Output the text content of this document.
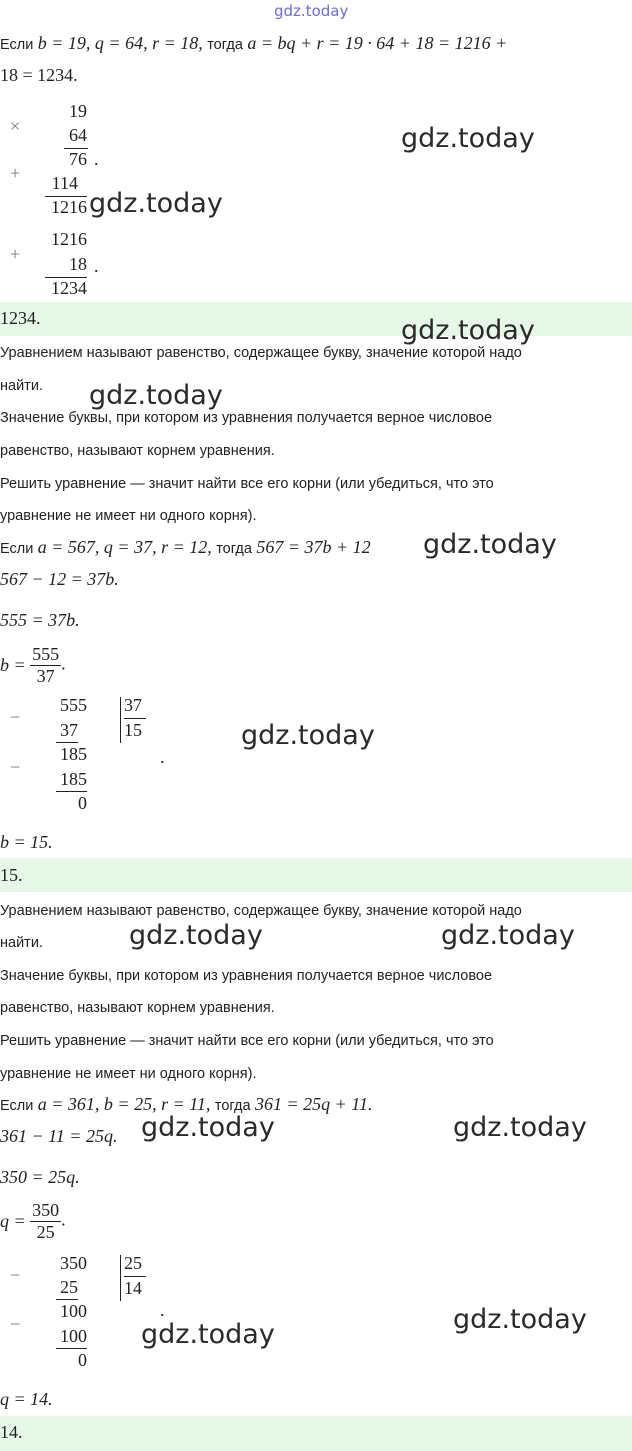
gdz.today
Если b = 19, q = 64, r = 18, тогда a = bq + r = 19 · 64 + 18 = 1216 +
18 = 1234.
×
19
64
76 .
+	114
1216
+
1216
18
1234
.
1234.
Уравнением называют равенство, содержащее букву, значение которой надо
найти.
Значение буквы, при котором из уравнения получается верное числовое
равенство, называют корнем уравнения.
Решить уравнение — значит найти все его корни (или убедиться, что это
уравнение не имеет ни одного корня).
Если a = 567, q = 37, r = 12, тогда 567 = 37b + 12
567 − 12 = 37b.
555 = 37b.
$b = \frac{555}{37}$ .
−
555
37
185
−
185
0
37
15
.
b = 15.
15.
Уравнением называют равенство, содержащее букву, значение которой надо
найти.
Значение буквы, при котором из уравнения получается верное числовое
равенство, называют корнем уравнения.
Решить уравнение — значит найти все его корни (или убедиться, что это
уравнение не имеет ни одного корня).
Если a = 361, b = 25, r = 11, тогда 361 = 25q + 11.
361 − 11 = 25q.
350 = 25q.
$q = \frac{350}{25}$ .
−
350
25
100
−
100
0
25
14
.
q = 14.
14.
gdz.today
gdz.today
gdz.today
gdz.today
gdz.today
gdz.today
gdz.today	gdz.today
gdz.today	gdz.today
gdz.today
gdz.today
